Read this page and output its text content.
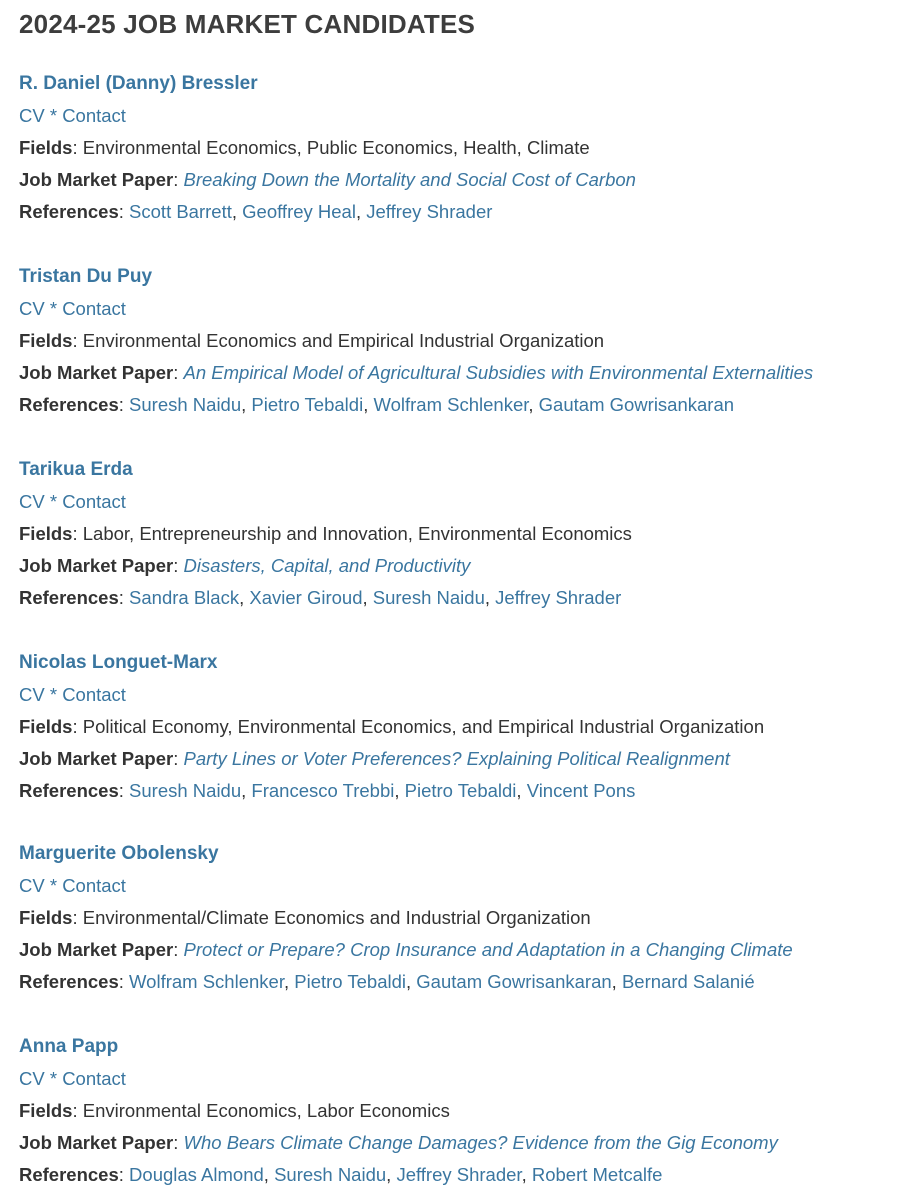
2024-25 JOB MARKET CANDIDATES
R. Daniel (Danny) Bressler
CV * Contact
Fields: Environmental Economics, Public Economics, Health, Climate
Job Market Paper: Breaking Down the Mortality and Social Cost of Carbon
References: Scott Barrett, Geoffrey Heal, Jeffrey Shrader
Tristan Du Puy
CV * Contact
Fields: Environmental Economics and Empirical Industrial Organization
Job Market Paper: An Empirical Model of Agricultural Subsidies with Environmental Externalities
References: Suresh Naidu, Pietro Tebaldi, Wolfram Schlenker, Gautam Gowrisankaran
Tarikua Erda
CV * Contact
Fields: Labor, Entrepreneurship and Innovation, Environmental Economics
Job Market Paper: Disasters, Capital, and Productivity
References: Sandra Black, Xavier Giroud, Suresh Naidu, Jeffrey Shrader
Nicolas Longuet-Marx
CV * Contact
Fields: Political Economy, Environmental Economics, and Empirical Industrial Organization
Job Market Paper: Party Lines or Voter Preferences? Explaining Political Realignment
References: Suresh Naidu, Francesco Trebbi, Pietro Tebaldi, Vincent Pons
Marguerite Obolensky
CV * Contact
Fields: Environmental/Climate Economics and Industrial Organization
Job Market Paper: Protect or Prepare? Crop Insurance and Adaptation in a Changing Climate
References: Wolfram Schlenker, Pietro Tebaldi, Gautam Gowrisankaran, Bernard Salanié
Anna Papp
CV * Contact
Fields: Environmental Economics, Labor Economics
Job Market Paper: Who Bears Climate Change Damages? Evidence from the Gig Economy
References: Douglas Almond, Suresh Naidu, Jeffrey Shrader, Robert Metcalfe
